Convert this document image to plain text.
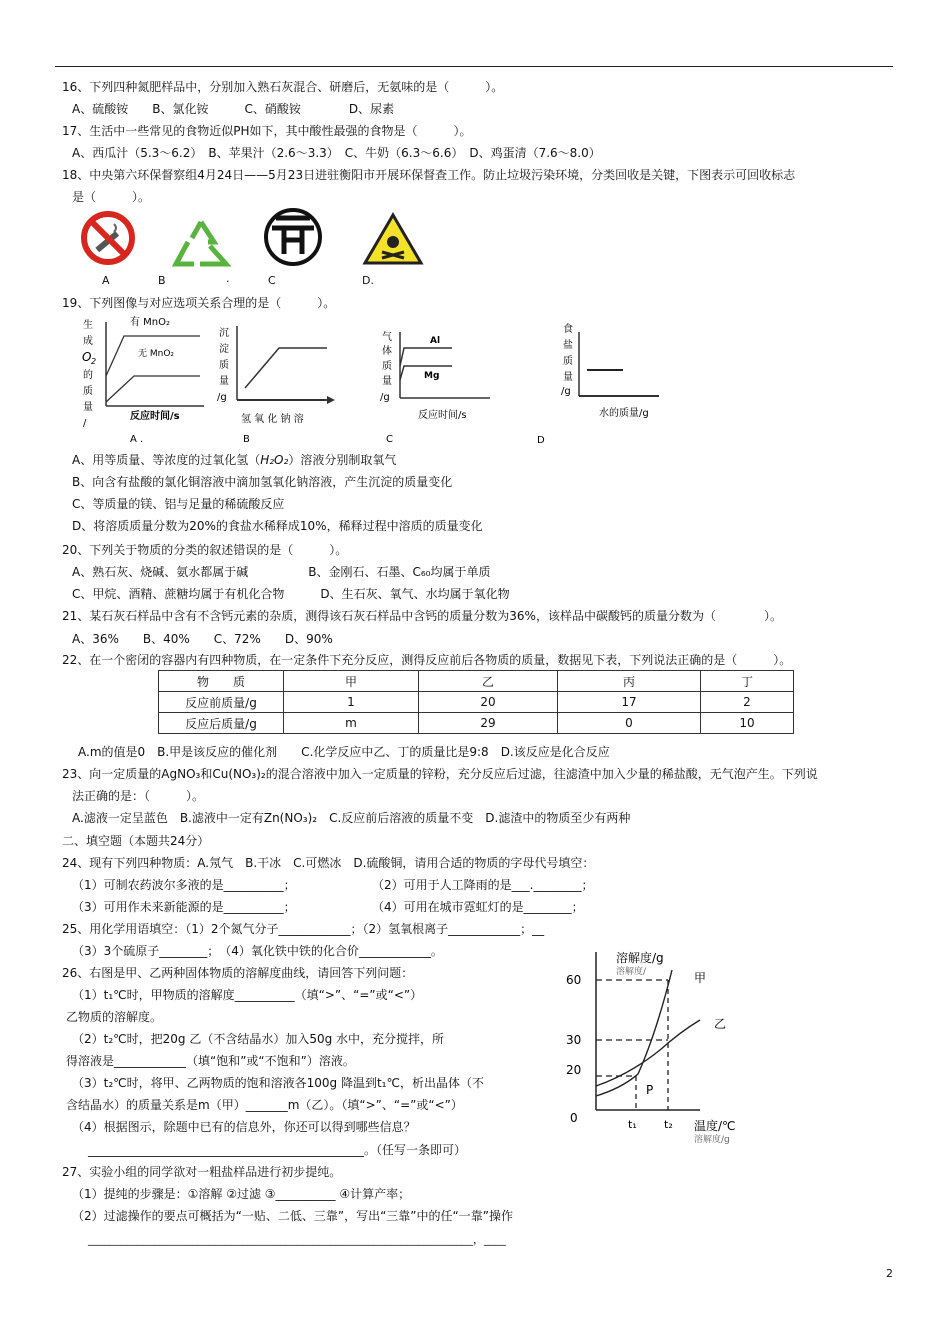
16、下列四种氮肥样品中，分别加入熟石灰混合、研磨后，无氨味的是（　　　）。
A、硫酸铵　　B、氯化铵　　　C、硝酸铵　　　　D、尿素
17、生活中一些常见的食物近似PH如下，其中酸性最强的食物是（　　　）。
A、西瓜汁（5.3～6.2）　B、苹果汁（2.6～3.3）　C、牛奶（6.3～6.6）　D、鸡蛋清（7.6～8.0）
18、中央第六环保督察组4月24日——5月23日进驻衡阳市开展环保督查工作。防止垃圾污染环境，分类回收是关键，下图表示可回收标志
是（　　　）。
A	B	.	C	D.
19、下列图像与对应选项关系合理的是（　　　）。
生
成
O 2
的
质
量
/
有 MnO₂
无 MnO₂
反应时间/s
A .
沉
淀
质
量
/g
氢 氧 化 钠 溶
B
气
体
质
量
/g
Al
Mg
反应时间/s
C
食
盐
质
量
/g
水的质量/g
D
A、用等质量、等浓度的过氧化氢（H₂O₂）溶液分别制取氧气
B、向含有盐酸的氯化铜溶液中滴加氢氧化钠溶液，产生沉淀的质量变化
C、等质量的镁、铝与足量的稀硫酸反应
D、将溶质质量分数为20%的食盐水稀释成10%，稀释过程中溶质的质量变化
20、下列关于物质的分类的叙述错误的是（　　　）。
A、熟石灰、烧碱、氨水都属于碱　　　　　B、金刚石、石墨、C₆₀均属于单质
C、甲烷、酒精、蔗糖均属于有机化合物　　　D、生石灰、氧气、水均属于氧化物
21、某石灰石样品中含有不含钙元素的杂质，测得该石灰石样品中含钙的质量分数为36%，该样品中碳酸钙的质量分数为（　　　　）。
A、36%　　B、40%　　C、72%　　D、90%
22、在一个密闭的容器内有四种物质，在一定条件下充分反应，测得反应前后各物质的质量，数据见下表，下列说法正确的是（　　　）。
物　　质	甲	乙	丙	丁
反应前质量/g	1	20	17	2
反应后质量/g	m	29	0	10
A.m的值是0　B.甲是该反应的催化剂　　C.化学反应中乙、丁的质量比是9:8　D.该反应是化合反应
23、向一定质量的AgNO₃和Cu(NO₃)₂的混合溶液中加入一定质量的锌粉，充分反应后过滤，往滤渣中加入少量的稀盐酸，无气泡产生。下列说
法正确的是：（　　　）。
A.滤液一定呈蓝色　B.滤液中一定有Zn(NO₃)₂　C.反应前后溶液的质量不变　D.滤渣中的物质至少有两种
二、填空题（本题共24分）
24、现有下列四种物质：A.氖气　B.干冰　C.可燃冰　D.硫酸铜，请用合适的物质的字母代号填空：
（1）可制农药波尔多液的是__________；	（2）可用于人工降雨的是___.________；
（3）可用作未来新能源的是__________；	（4）可用在城市霓虹灯的是________；
25、用化学用语填空：（1）2个氮气分子____________；（2）氢氧根离子____________；__
（3）3个硫原子________；　（4）氧化铁中铁的化合价____________。
26、右图是甲、乙两种固体物质的溶解度曲线，请回答下列问题：
（1）t₁℃时，甲物质的溶解度__________（填“>”、“=”或“<”）
乙物质的溶解度。
（2）t₂℃时，把20g 乙（不含结晶水）加入50g 水中，充分搅拌，所
得溶液是____________（填“饱和”或“不饱和”）溶液。
（3）t₂℃时，将甲、乙两物质的饱和溶液各100g 降温到t₁℃，析出晶体（不
含结晶水）的质量关系是m（甲）_______m（乙）。（填“>”、“=”或“<”）
（4）根据图示，除题中已有的信息外，你还可以得到哪些信息？
______________________________________________。（任写一条即可）
溶解度/g
溶解度/
60
30
20
0
甲
乙
P
t₁ t₂ 温度/℃
溶解度/g
27、实验小组的同学欲对一粗盐样品进行初步提纯。
（1）提纯的步骤是：①溶解 ②过滤 ③__________ ④计算产率；
（2）过滤操作的要点可概括为“一贴、二低、三靠”，写出“三靠”中的任“一靠”操作
______________________________________________________________________，____
2
